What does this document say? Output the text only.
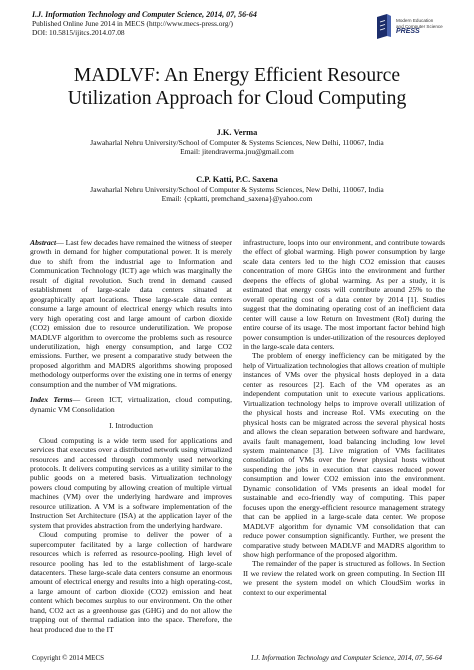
I.J. Information Technology and Computer Science, 2014, 07, 56-64
Published Online June 2014 in MECS (http://www.mecs-press.org/)
DOI: 10.5815/ijitcs.2014.07.08
Modern Education
and Computer Science
PRESS
MADLVF: An Energy Efficient Resource
Utilization Approach for Cloud Computing
J.K. Verma
Jawaharlal Nehru University/School of Computer & Systems Sciences, New Delhi, 110067, India
Email: jitendraverma.jnu@gmail.com
C.P. Katti, P.C. Saxena
Jawaharlal Nehru University/School of Computer & Systems Sciences, New Delhi, 110067, India
Email: {cpkatti, premchand_saxena}@yahoo.com

Abstract— Last few decades have remained the witness of steeper growth in demand for higher computational power. It is merely due to shift from the industrial age to Information and Communication Technology (ICT) age which was marginally the result of digital revolution. Such trend in demand caused establishment of large-scale data centers situated at geographically apart locations. These large-scale data centers consume a large amount of electrical energy which results into very high operating cost and large amount of carbon dioxide (CO2) emission due to resource underutilization. We propose MADLVF algorithm to overcome the problems such as resource underutilization, high energy consumption, and large CO2 emissions. Further, we present a comparative study between the proposed algorithm and MADRS algorithms showing proposed methodology outperforms over the existing one in terms of energy consumption and the number of VM migrations.

Index Terms— Green ICT, virtualization, cloud computing, dynamic VM Consolidation

I. Introduction

Cloud computing is a wide term used for applications and services that executes over a distributed network using virtualized resources and accessed through commonly used networking protocols. It delivers computing services as a utility similar to the public goods on a metered basis. Virtualization technology powers cloud computing by allowing creation of multiple virtual machines (VM) over the underlying hardware and improves resource utilization. A VM is a software implementation of the Instruction Set Architecture (ISA) at the application layer of the system that provides abstraction from the underlying hardware.

Cloud computing promise to deliver the power of a supercomputer facilitated by a large collection of hardware resources which is referred as resource-pooling. High level of resource pooling has led to the establishment of large-scale datacenters. These large-scale data centers consume an enormous amount of electrical energy and results into a high operating-cost, a large amount of carbon dioxide (CO2) emission and heat content which becomes surplus to our environment. On the other hand, CO2 act as a greenhouse gas (GHG) and do not allow the trapping out of thermal radiation into the space. Therefore, the heat produced due to the IT

infrastructure, loops into our environment, and contribute towards the effect of global warming. High power consumption by large scale data centers led to the high CO2 emission that causes concentration of more GHGs into the environment and further deepens the effects of global warming. As per a study, it is estimated that energy costs will contribute around 25% to the overall operating cost of a data center by 2014 [1]. Studies suggest that the dominating operating cost of an inefficient data center will cause a low Return on Investment (RoI) during the entire course of its usage. The most important factor behind high power consumption is under-utilization of the resources deployed in the large-scale data centers.

The problem of energy inefficiency can be mitigated by the help of Virtualization technologies that allows creation of multiple instances of VMs over the physical hosts deployed in a data center as resources [2]. Each of the VM operates as an independent computation unit to execute various applications. Virtualization technology helps to improve overall utilization of the physical hosts and increase RoI. VMs executing on the physical hosts can be migrated across the several physical hosts and allows the clean separation between software and hardware, avails fault management, load balancing including low level system maintenance [3]. Live migration of VMs facilitates consolidation of VMs over the fewer physical hosts without suspending the jobs in execution that causes reduced power consumption and lower CO2 emission into the environment. Dynamic consolidation of VMs presents an ideal model for sustainable and eco-friendly way of computing. This paper focuses upon the energy-efficient resource management strategy that can be applied in a large-scale data center. We propose MADLVF algorithm for dynamic VM consolidation that can reduce power consumption significantly. Further, we present the comparative study between MADLVF and MADRS algorithm to show high performance of the proposed algorithm.

The remainder of the paper is structured as follows. In Section II we review the related work on green computing. In Section III we present the system model on which CloudSim works in context to our experimental

Copyright © 2014 MECS	I.J. Information Technology and Computer Science, 2014, 07, 56-64
